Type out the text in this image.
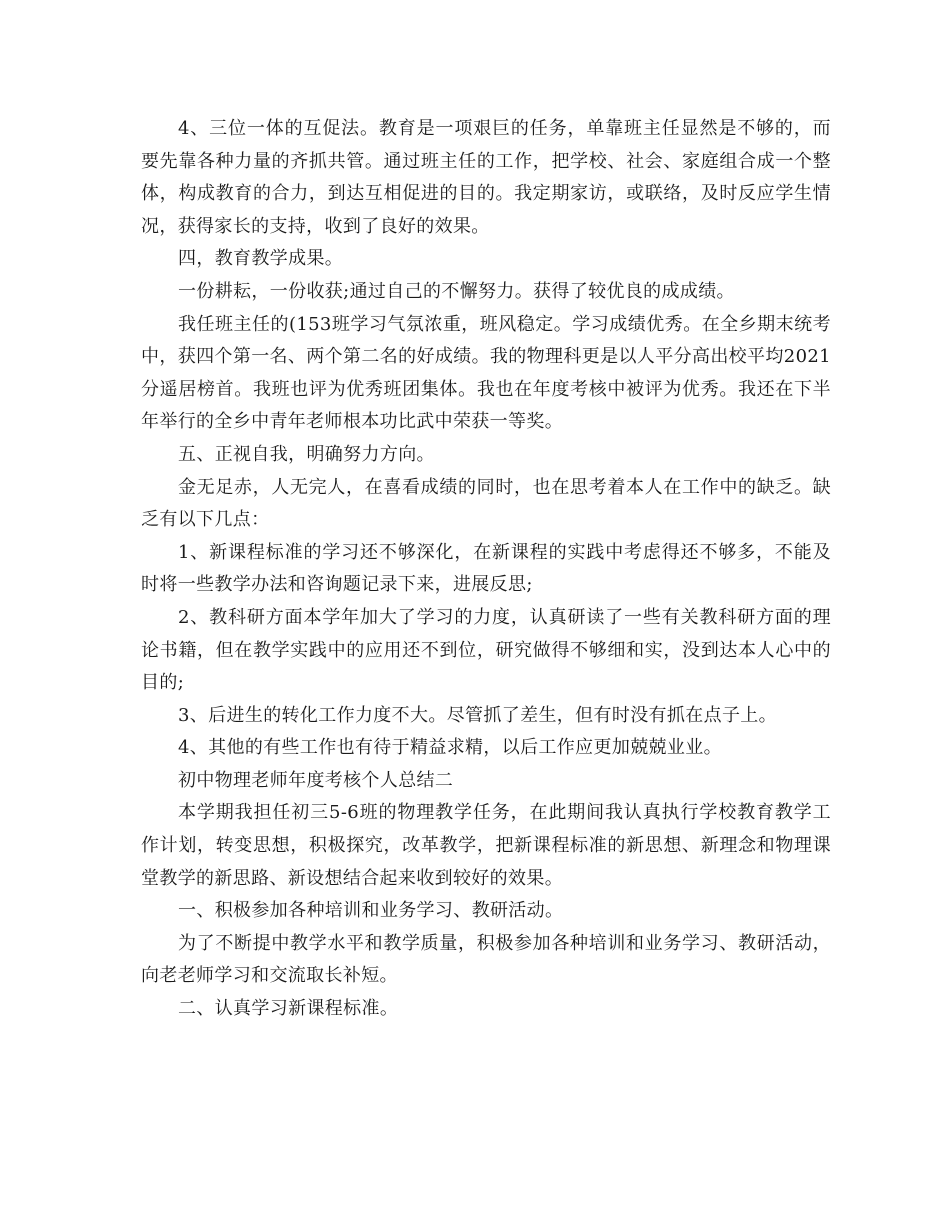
4、三位一体的互促法。教育是一项艰巨的任务，单靠班主任显然是不够的，而要先靠各种力量的齐抓共管。通过班主任的工作，把学校、社会、家庭组合成一个整体，构成教育的合力，到达互相促进的目的。我定期家访，或联络，及时反应学生情况，获得家长的支持，收到了良好的效果。

四，教育教学成果。

一份耕耘，一份收获;通过自己的不懈努力。获得了较优良的成成绩。

我任班主任的(153班学习气氛浓重，班风稳定。学习成绩优秀。在全乡期末统考中，获四个第一名、两个第二名的好成绩。我的物理科更是以人平分高出校平均2021分遥居榜首。我班也评为优秀班团集体。我也在年度考核中被评为优秀。我还在下半年举行的全乡中青年老师根本功比武中荣获一等奖。

五、正视自我，明确努力方向。

金无足赤，人无完人，在喜看成绩的同时，也在思考着本人在工作中的缺乏。缺乏有以下几点：

1、新课程标准的学习还不够深化，在新课程的实践中考虑得还不够多，不能及时将一些教学办法和咨询题记录下来，进展反思;

2、教科研方面本学年加大了学习的力度，认真研读了一些有关教科研方面的理论书籍，但在教学实践中的应用还不到位，研究做得不够细和实，没到达本人心中的目的;

3、后进生的转化工作力度不大。尽管抓了差生，但有时没有抓在点子上。

4、其他的有些工作也有待于精益求精，以后工作应更加兢兢业业。

初中物理老师年度考核个人总结二

本学期我担任初三5-6班的物理教学任务，在此期间我认真执行学校教育教学工作计划，转变思想，积极探究，改革教学，把新课程标准的新思想、新理念和物理课堂教学的新思路、新设想结合起来收到较好的效果。

一、积极参加各种培训和业务学习、教研活动。

为了不断提中教学水平和教学质量，积极参加各种培训和业务学习、教研活动，向老老师学习和交流取长补短。

二、认真学习新课程标准。
